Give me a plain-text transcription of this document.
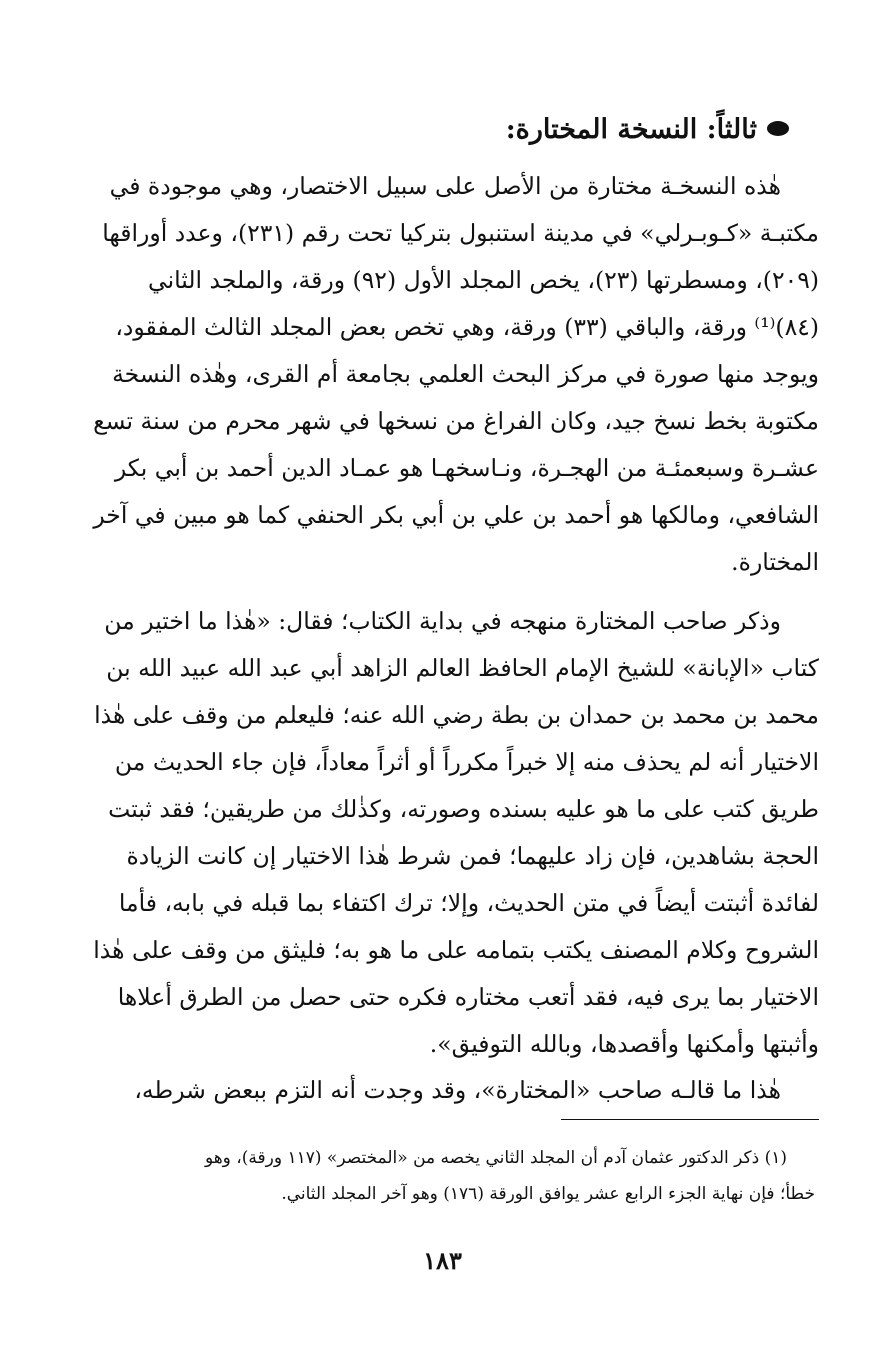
ثالثاً: النسخة المختارة:
هٰذه النسخـة مختارة من الأصل على سبيل الاختصار، وهي موجودة في
مكتبـة «كـوبـرلي» في مدينة استنبول بتركيا تحت رقم (٢٣١)، وعدد أوراقها
(٢٠٩)، ومسطرتها (٢٣)، يخص المجلد الأول (٩٢) ورقة، والملجد الثاني
(٨٤)⁽¹⁾ ورقة، والباقي (٣٣) ورقة، وهي تخص بعض المجلد الثالث المفقود،
ويوجد منها صورة في مركز البحث العلمي بجامعة أم القرى، وهٰذه النسخة
مكتوبة بخط نسخ جيد، وكان الفراغ من نسخها في شهر محرم من سنة تسع
عشـرة وسبعمئـة من الهجـرة، ونـاسخهـا هو عمـاد الدين أحمد بن أبي بكر
الشافعي، ومالكها هو أحمد بن علي بن أبي بكر الحنفي كما هو مبين في آخر
المختارة.
وذكر صاحب المختارة منهجه في بداية الكتاب؛ فقال: «هٰذا ما اختير من
كتاب «الإبانة» للشيخ الإمام الحافظ العالم الزاهد أبي عبد الله عبيد الله بن
محمد بن محمد بن حمدان بن بطة رضي الله عنه؛ فليعلم من وقف على هٰذا
الاختيار أنه لم يحذف منه إلا خبراً مكرراً أو أثراً معاداً، فإن جاء الحديث من
طريق كتب على ما هو عليه بسنده وصورته، وكذٰلك من طريقين؛ فقد ثبتت
الحجة بشاهدين، فإن زاد عليهما؛ فمن شرط هٰذا الاختيار إن كانت الزيادة
لفائدة أثبتت أيضاً في متن الحديث، وإلا؛ ترك اكتفاء بما قبله في بابه، فأما
الشروح وكلام المصنف يكتب بتمامه على ما هو به؛ فليثق من وقف على هٰذا
الاختيار بما يرى فيه، فقد أتعب مختاره فكره حتى حصل من الطرق أعلاها
وأثبتها وأمكنها وأقصدها، وبالله التوفيق».
هٰذا ما قالـه صاحب «المختارة»، وقد وجدت أنه التزم ببعض شرطه،
(١) ذكر الدكتور عثمان آدم أن المجلد الثاني يخصه من «المختصر» (١١٧ ورقة)، وهو
خطأ؛ فإن نهاية الجزء الرابع عشر يوافق الورقة (١٧٦) وهو آخر المجلد الثاني.
١٨٣
